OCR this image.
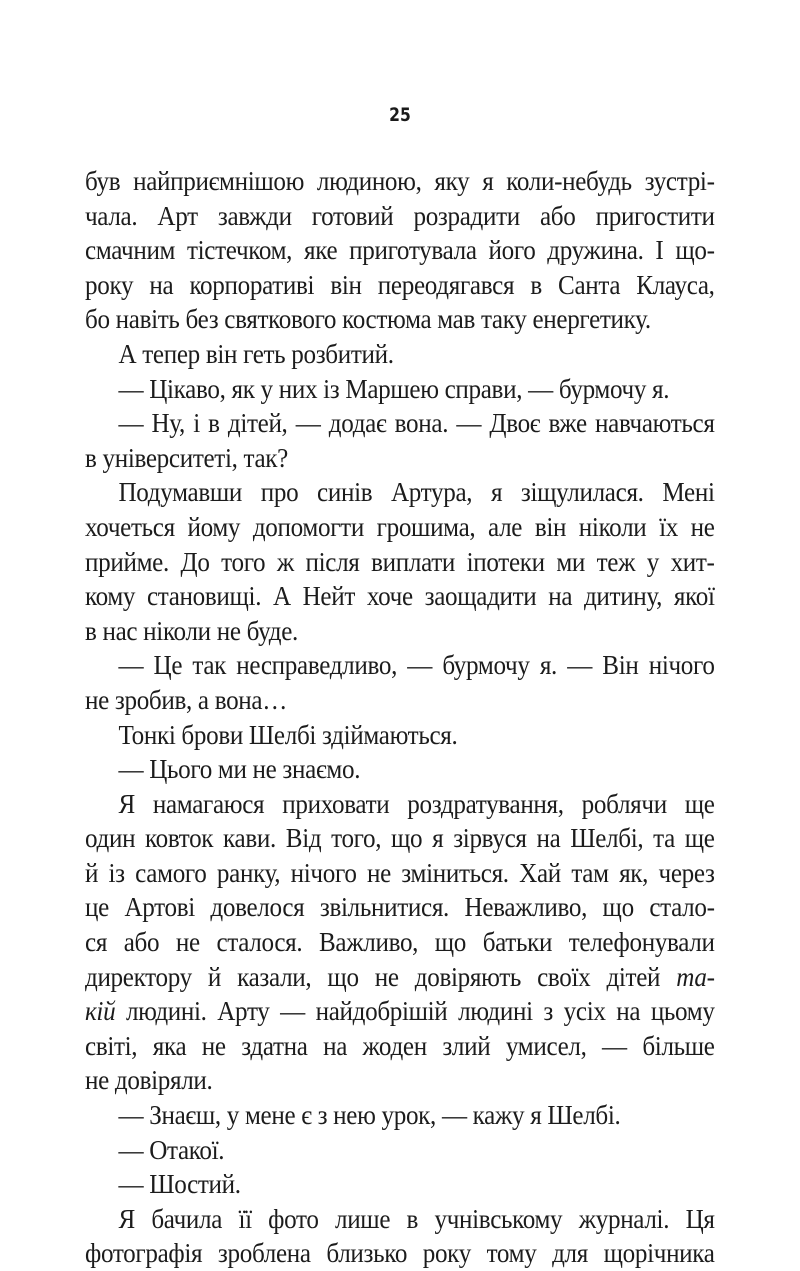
25
був найприємнішою людиною, яку я коли-небудь зустрі-
чала. Арт завжди готовий розрадити або пригостити
смачним тістечком, яке приготувала його дружина. І що-
року на корпоративі він переодягався в Санта Клауса,
бо навіть без святкового костюма мав таку енергетику.
А тепер він геть розбитий.
— Цікаво, як у них із Маршею справи, — бурмочу я.
— Ну, і в дітей, — додає вона. — Двоє вже навчаються
в університеті, так?
Подумавши про синів Артура, я зіщулилася. Мені
хочеться йому допомогти грошима, але він ніколи їх не
прийме. До того ж після виплати іпотеки ми теж у хит-
кому становищі. А Нейт хоче заощадити на дитину, якої
в нас ніколи не буде.
— Це так несправедливо, — бурмочу я. — Він нічого
не зробив, а вона…
Тонкі брови Шелбі здіймаються.
— Цього ми не знаємо.
Я намагаюся приховати роздратування, роблячи ще
один ковток кави. Від того, що я зірвуся на Шелбі, та ще
й із самого ранку, нічого не зміниться. Хай там як, через
це Артові довелося звільнитися. Неважливо, що стало-
ся або не сталося. Важливо, що батьки телефонували
директору й казали, що не довіряють своїх дітей та-
кій людині. Арту — найдобрішій людині з усіх на цьому
світі, яка не здатна на жоден злий умисел, — більше
не довіряли.
— Знаєш, у мене є з нею урок, — кажу я Шелбі.
— Отакої.
— Шостий.
Я бачила її фото лише в учнівському журналі. Ця
фотографія зроблена близько року тому для щорічника
